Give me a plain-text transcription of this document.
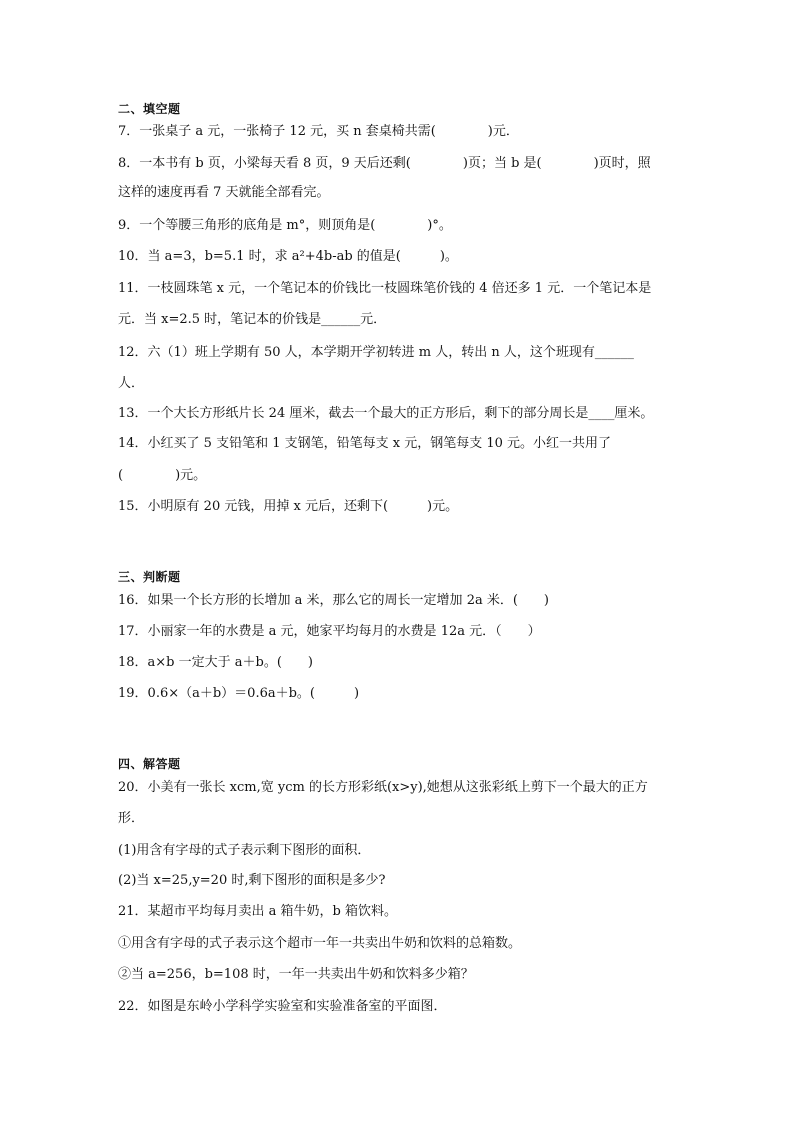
二、填空题
7．一张桌子 a 元，一张椅子 12 元，买 n 套桌椅共需(　　　　)元．
8．一本书有 b 页，小梁每天看 8 页，9 天后还剩(　　　　)页；当 b 是(　　　　)页时，照
这样的速度再看 7 天就能全部看完。
9．一个等腰三角形的底角是 m°，则顶角是(　　　　)°。
10．当 a=3，b=5.1 时，求 a²+4b-ab 的值是(　　　)。
11．一枝圆珠笔 x 元，一个笔记本的价钱比一枝圆珠笔价钱的 4 倍还多 1 元．一个笔记本是
元．当 x=2.5 时，笔记本的价钱是______元．
12．六（1）班上学期有 50 人，本学期开学初转进 m 人，转出 n 人，这个班现有______
人．
13．一个大长方形纸片长 24 厘米，截去一个最大的正方形后，剩下的部分周长是____厘米。
14．小红买了 5 支铅笔和 1 支钢笔，铅笔每支 x 元，钢笔每支 10 元。小红一共用了
(　　　　)元。
15．小明原有 20 元钱，用掉 x 元后，还剩下(　　　)元。
三、判断题
16．如果一个长方形的长增加 a 米，那么它的周长一定增加 2a 米．(　　)
17．小丽家一年的水费是 a 元，她家平均每月的水费是 12a 元．（　　）
18．a×b 一定大于 a＋b。(　　)
19．0.6×（a＋b）＝0.6a＋b。(　　　)
四、解答题
20．小美有一张长 xcm,宽 ycm 的长方形彩纸(x>y),她想从这张彩纸上剪下一个最大的正方
形．
(1)用含有字母的式子表示剩下图形的面积．
(2)当 x=25,y=20 时,剩下图形的面积是多少?
21．某超市平均每月卖出 a 箱牛奶，b 箱饮料。
①用含有字母的式子表示这个超市一年一共卖出牛奶和饮料的总箱数。
②当 a=256，b=108 时，一年一共卖出牛奶和饮料多少箱？
22．如图是东岭小学科学实验室和实验准备室的平面图．
